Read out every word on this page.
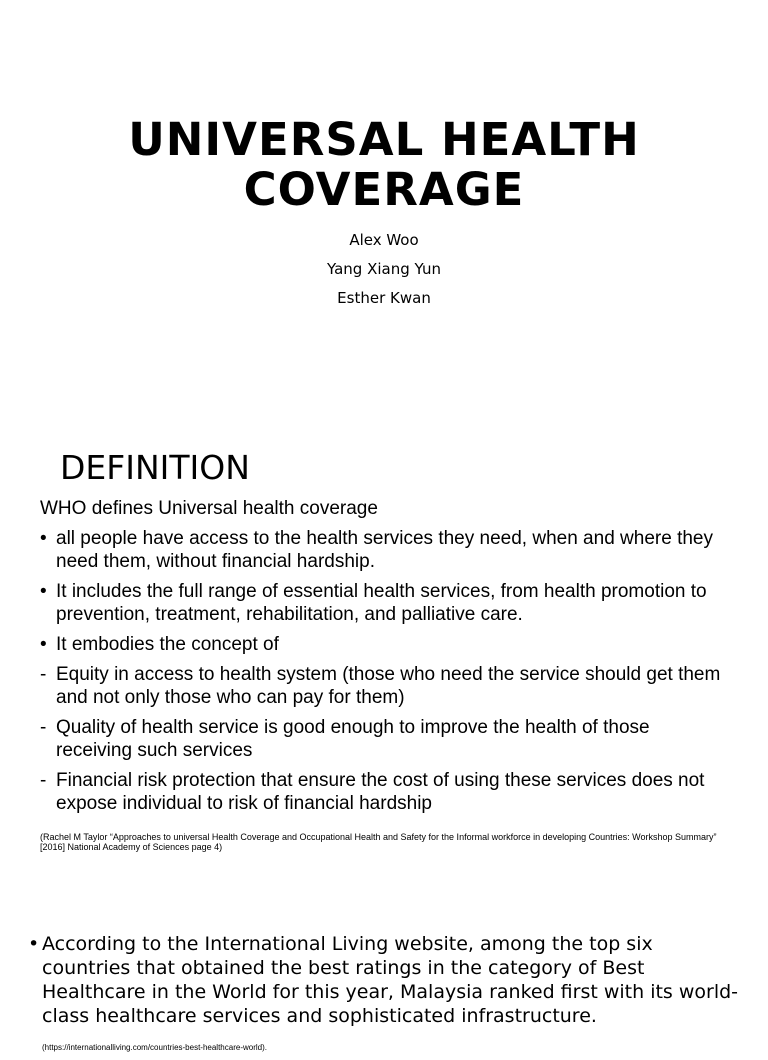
UNIVERSAL HEALTH
COVERAGE
Alex Woo
Yang Xiang Yun
Esther Kwan
DEFINITION
WHO defines Universal health coverage
• all people have access to the health services they need, when and where they need them, without financial hardship.
• It includes the full range of essential health services, from health promotion to prevention, treatment, rehabilitation, and palliative care.
• It embodies the concept of
- Equity in access to health system (those who need the service should get them and not only those who can pay for them)
- Quality of health service is good enough to improve the health of those receiving such services
- Financial risk protection that ensure the cost of using these services does not expose individual to risk of financial hardship
(Rachel M Taylor “Approaches to universal Health Coverage and Occupational Health and Safety for the Informal workforce in developing Countries: Workshop Summary” [2016] National Academy of Sciences page 4)
• According to the International Living website, among the top six countries that obtained the best ratings in the category of Best Healthcare in the World for this year, Malaysia ranked first with its world-class healthcare services and sophisticated infrastructure. (https://internationalliving.com/countries-best-healthcare-world).
